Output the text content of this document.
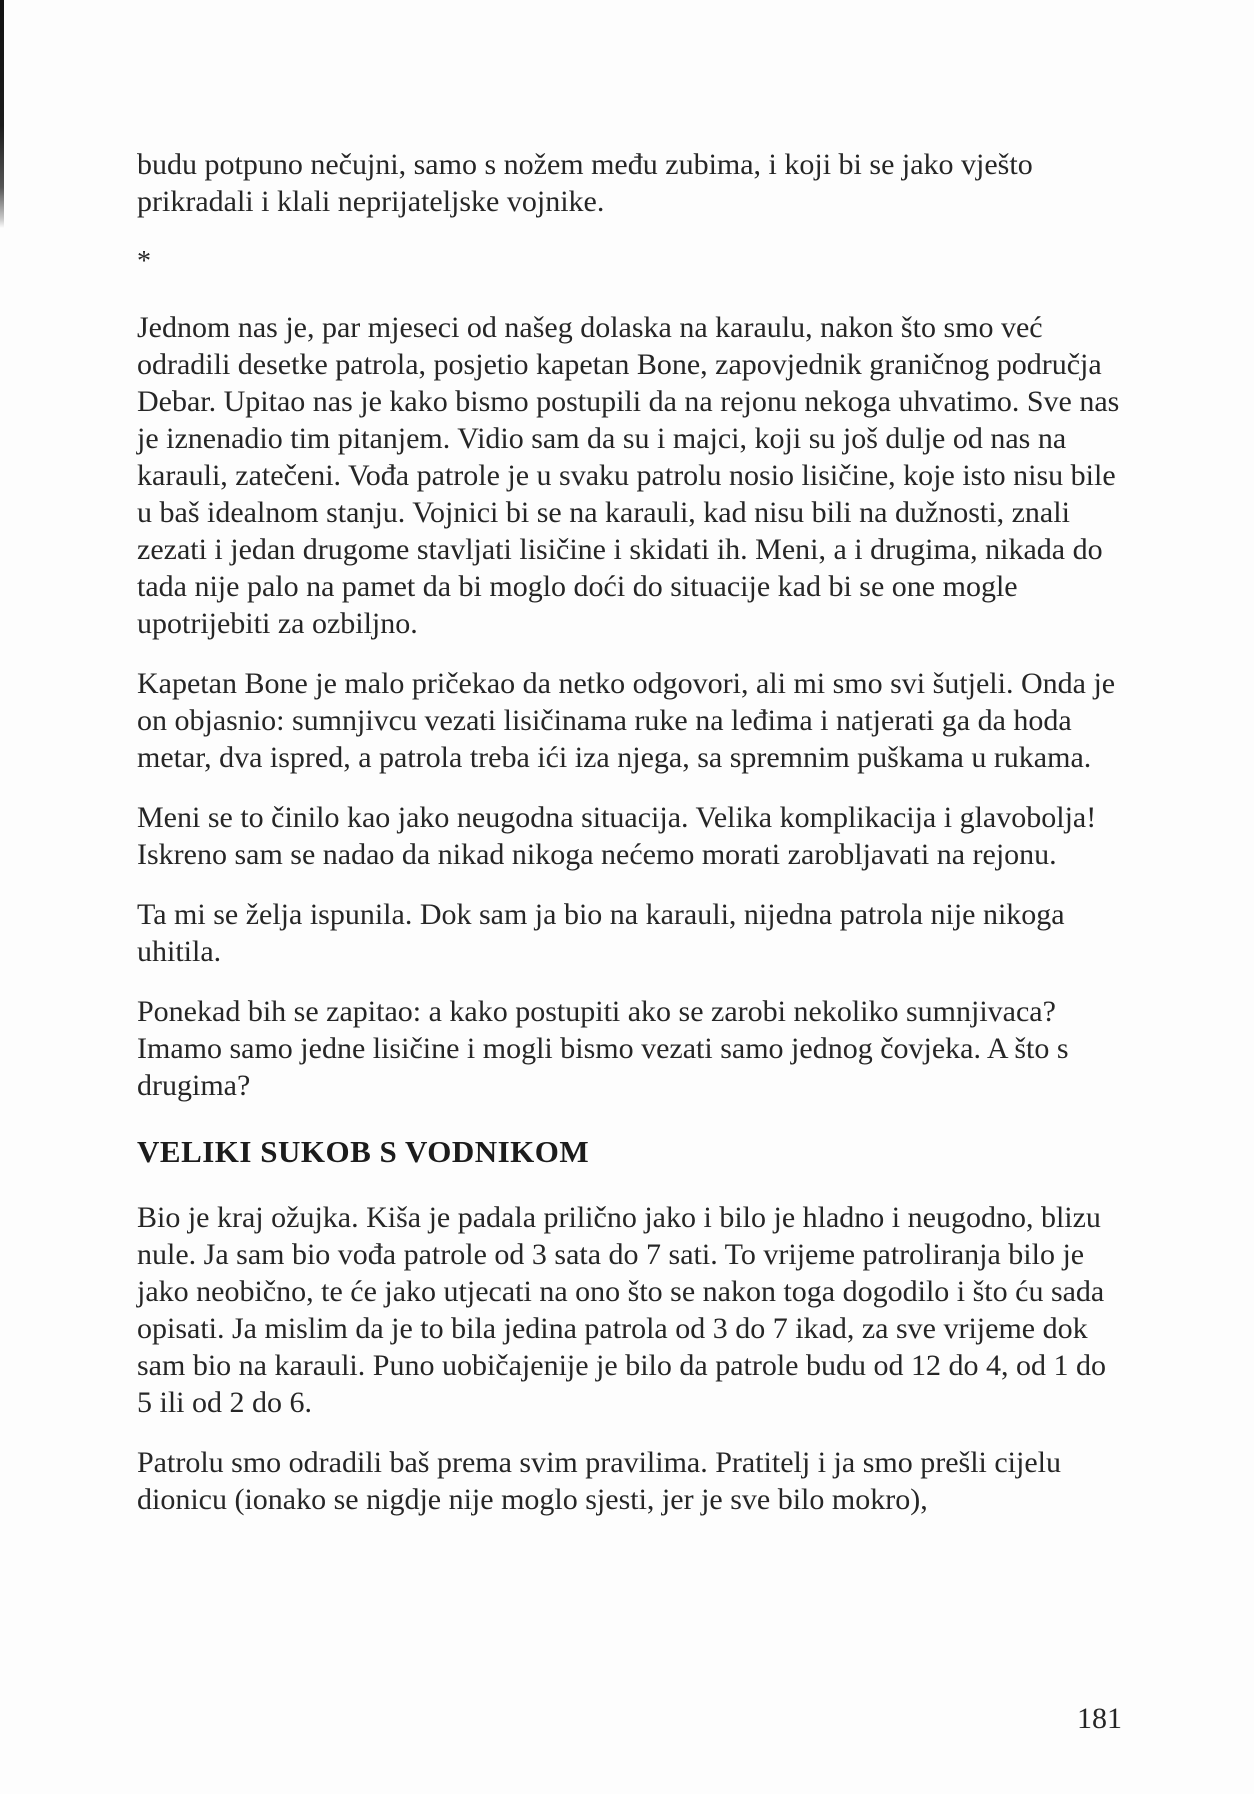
budu potpuno nečujni, samo s nožem među zubima, i koji bi se jako vješto prikradali i klali neprijateljske vojnike.

*

Jednom nas je, par mjeseci od našeg dolaska na karaulu, nakon što smo već odradili desetke patrola, posjetio kapetan Bone, zapovjednik graničnog područja Debar. Upitao nas je kako bismo postupili da na rejonu nekoga uhvatimo. Sve nas je iznenadio tim pitanjem. Vidio sam da su i majci, koji su još dulje od nas na karauli, zatečeni. Vođa patrole je u svaku patrolu nosio lisičine, koje isto nisu bile u baš idealnom stanju. Vojnici bi se na karauli, kad nisu bili na dužnosti, znali zezati i jedan drugome stavljati lisičine i skidati ih. Meni, a i drugima, nikada do tada nije palo na pamet da bi moglo doći do situacije kad bi se one mogle upotrijebiti za ozbiljno.

Kapetan Bone je malo pričekao da netko odgovori, ali mi smo svi šutjeli. Onda je on objasnio: sumnjivcu vezati lisičinama ruke na leđima i natjerati ga da hoda metar, dva ispred, a patrola treba ići iza njega, sa spremnim puškama u rukama.

Meni se to činilo kao jako neugodna situacija. Velika komplikacija i glavobolja! Iskreno sam se nadao da nikad nikoga nećemo morati zarobljavati na rejonu.

Ta mi se želja ispunila. Dok sam ja bio na karauli, nijedna patrola nije nikoga uhitila.

Ponekad bih se zapitao: a kako postupiti ako se zarobi nekoliko sumnjivaca? Imamo samo jedne lisičine i mogli bismo vezati samo jednog čovjeka. A što s drugima?

VELIKI SUKOB S VODNIKOM

Bio je kraj ožujka. Kiša je padala prilično jako i bilo je hladno i neugodno, blizu nule. Ja sam bio vođa patrole od 3 sata do 7 sati. To vrijeme patroliranja bilo je jako neobično, te će jako utjecati na ono što se nakon toga dogodilo i što ću sada opisati. Ja mislim da je to bila jedina patrola od 3 do 7 ikad, za sve vrijeme dok sam bio na karauli. Puno uobičajenije je bilo da patrole budu od 12 do 4, od 1 do 5 ili od 2 do 6.

Patrolu smo odradili baš prema svim pravilima. Pratitelj i ja smo prešli cijelu dionicu (ionako se nigdje nije moglo sjesti, jer je sve bilo mokro),

181
